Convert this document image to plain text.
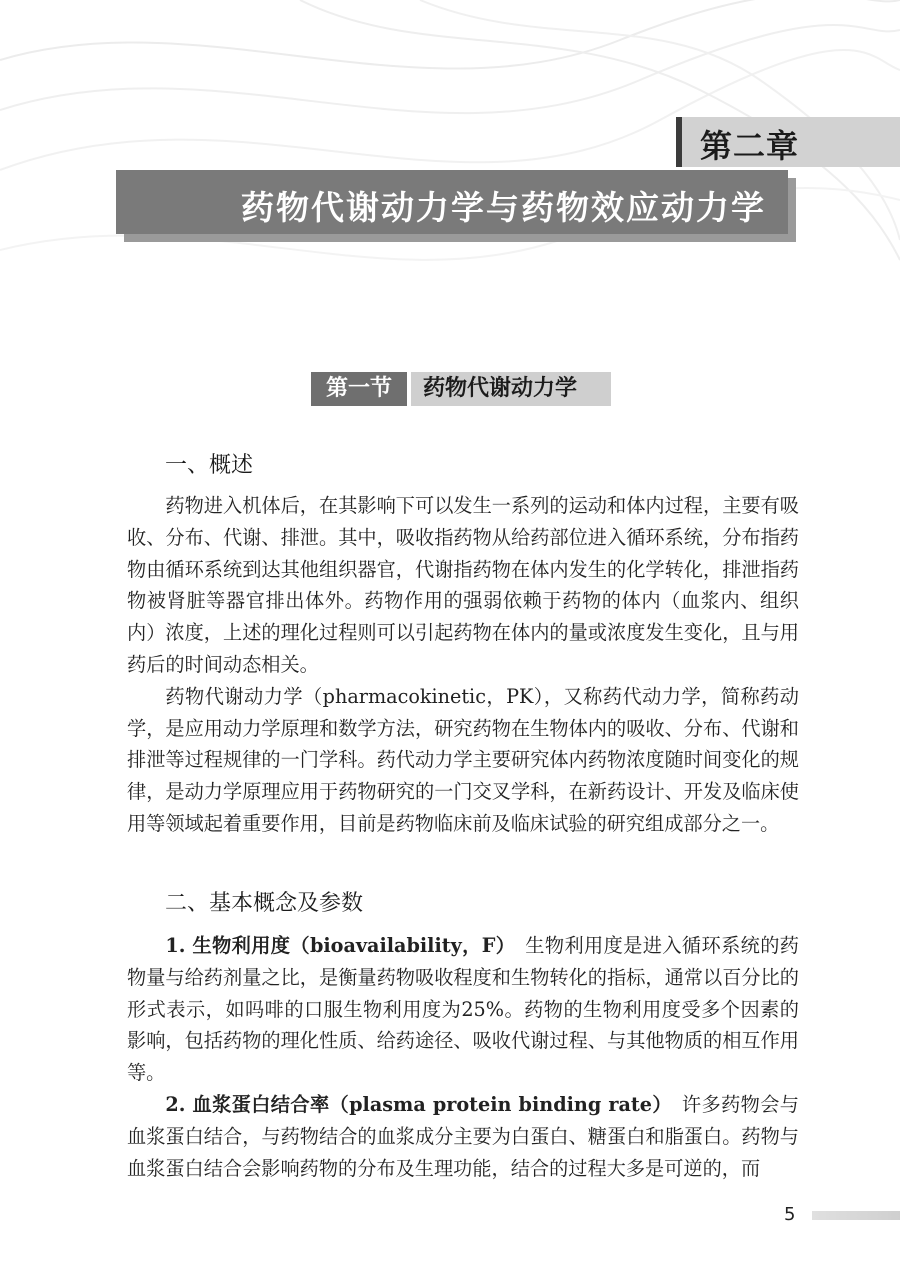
第二章
药物代谢动力学与药物效应动力学
第一节	药物代谢动力学
一、概述

药物进入机体后，在其影响下可以发生一系列的运动和体内过程，主要有吸收、分布、代谢、排泄。其中，吸收指药物从给药部位进入循环系统，分布指药物由循环系统到达其他组织器官，代谢指药物在体内发生的化学转化，排泄指药物被肾脏等器官排出体外。药物作用的强弱依赖于药物的体内（血浆内、组织内）浓度，上述的理化过程则可以引起药物在体内的量或浓度发生变化，且与用药后的时间动态相关。

药物代谢动力学（pharmacokinetic，PK），又称药代动力学，简称药动学，是应用动力学原理和数学方法，研究药物在生物体内的吸收、分布、代谢和排泄等过程规律的一门学科。药代动力学主要研究体内药物浓度随时间变化的规律，是动力学原理应用于药物研究的一门交叉学科，在新药设计、开发及临床使用等领域起着重要作用，目前是药物临床前及临床试验的研究组成部分之一。

二、基本概念及参数

1. 生物利用度（bioavailability，F）　生物利用度是进入循环系统的药物量与给药剂量之比，是衡量药物吸收程度和生物转化的指标，通常以百分比的形式表示，如吗啡的口服生物利用度为25%。药物的生物利用度受多个因素的影响，包括药物的理化性质、给药途径、吸收代谢过程、与其他物质的相互作用等。

2. 血浆蛋白结合率（plasma protein binding rate）　许多药物会与血浆蛋白结合，与药物结合的血浆成分主要为白蛋白、糖蛋白和脂蛋白。药物与血浆蛋白结合会影响药物的分布及生理功能，结合的过程大多是可逆的，而

5
